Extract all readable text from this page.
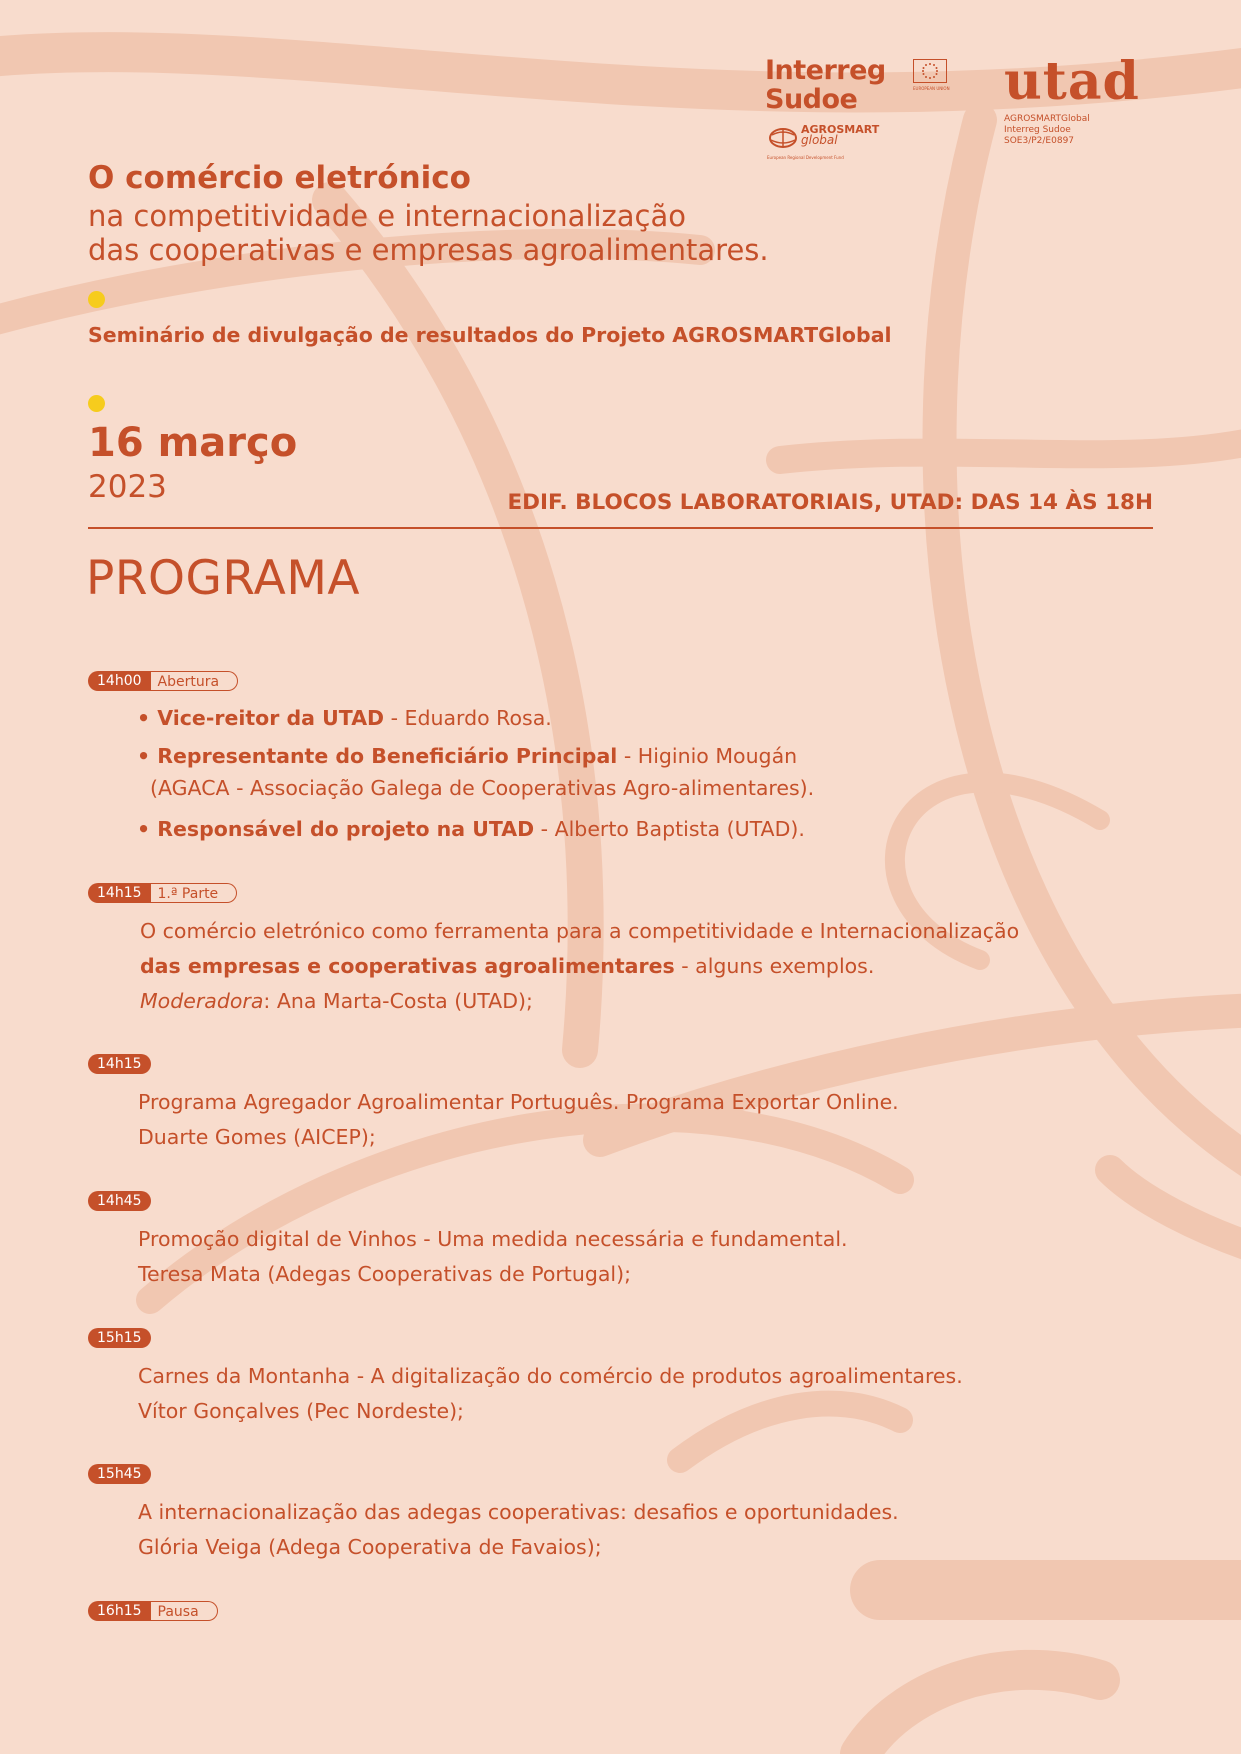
Interreg
Sudoe	EUROPEAN UNION
AGROSMART
global
European Regional Development Fund
utad
AGROSMARTGlobal
Interreg Sudoe
SOE3/P2/E0897
O comércio eletrónico
na competitividade e internacionalização
das cooperativas e empresas agroalimentares.
Seminário de divulgação de resultados do Projeto AGROSMARTGlobal
16 março
2023	EDIF. BLOCOS LABORATORIAIS, UTAD: DAS 14 ÀS 18H
PROGRAMA
14h00	Abertura
• Vice-reitor da UTAD - Eduardo Rosa.
• Representante do Beneficiário Principal - Higinio Mougán
(AGACA - Associação Galega de Cooperativas Agro-alimentares).
• Responsável do projeto na UTAD - Alberto Baptista (UTAD).
14h15	1.ª Parte
O comércio eletrónico como ferramenta para a competitividade e Internacionalização
das empresas e cooperativas agroalimentares - alguns exemplos.
Moderadora: Ana Marta-Costa (UTAD);
14h15
Programa Agregador Agroalimentar Português. Programa Exportar Online.
Duarte Gomes (AICEP);
14h45
Promoção digital de Vinhos - Uma medida necessária e fundamental.
Teresa Mata (Adegas Cooperativas de Portugal);
15h15
Carnes da Montanha - A digitalização do comércio de produtos agroalimentares.
Vítor Gonçalves (Pec Nordeste);
15h45
A internacionalização das adegas cooperativas: desafios e oportunidades.
Glória Veiga (Adega Cooperativa de Favaios);
16h15	Pausa
